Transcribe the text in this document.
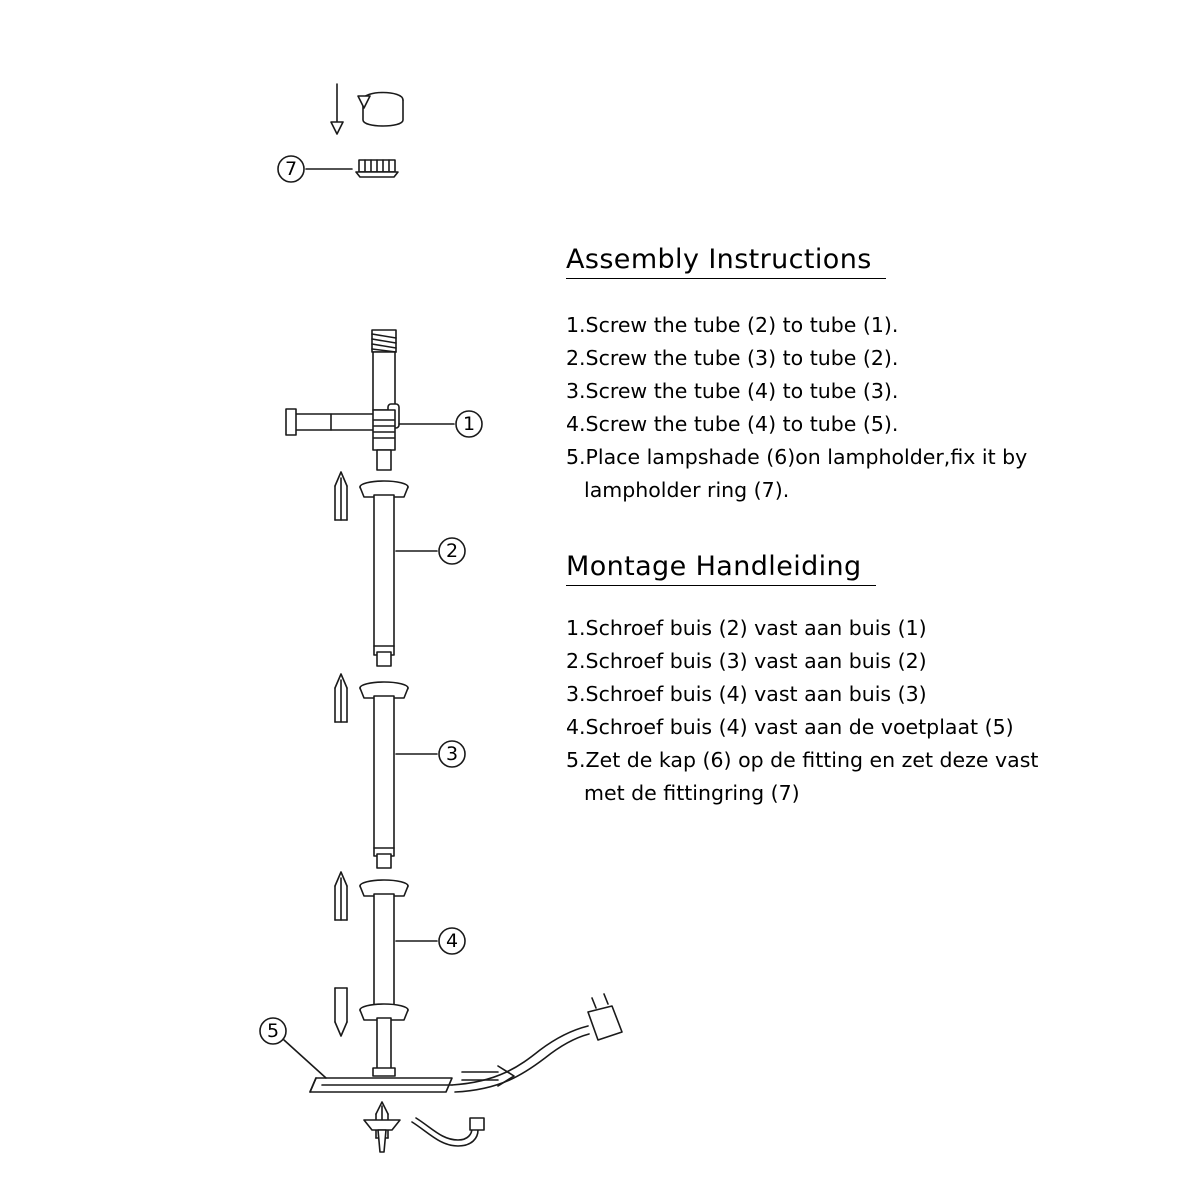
Assembly Instructions
1.Screw the tube (2) to tube (1).
2.Screw the tube (3) to tube (2).
3.Screw the tube (4) to tube (3).
4.Screw the tube (4) to tube (5).
5.Place lampshade (6)on lampholder,fix it by
lampholder ring (7).
Montage Handleiding
1.Schroef buis (2) vast aan buis (1)
2.Schroef buis (3) vast aan buis (2)
3.Schroef buis (4) vast aan buis (3)
4.Schroef buis (4) vast aan de voetplaat (5)
5.Zet de kap (6) op de fitting en zet deze vast
met de fittingring (7)
7
1
2
3
4
5
